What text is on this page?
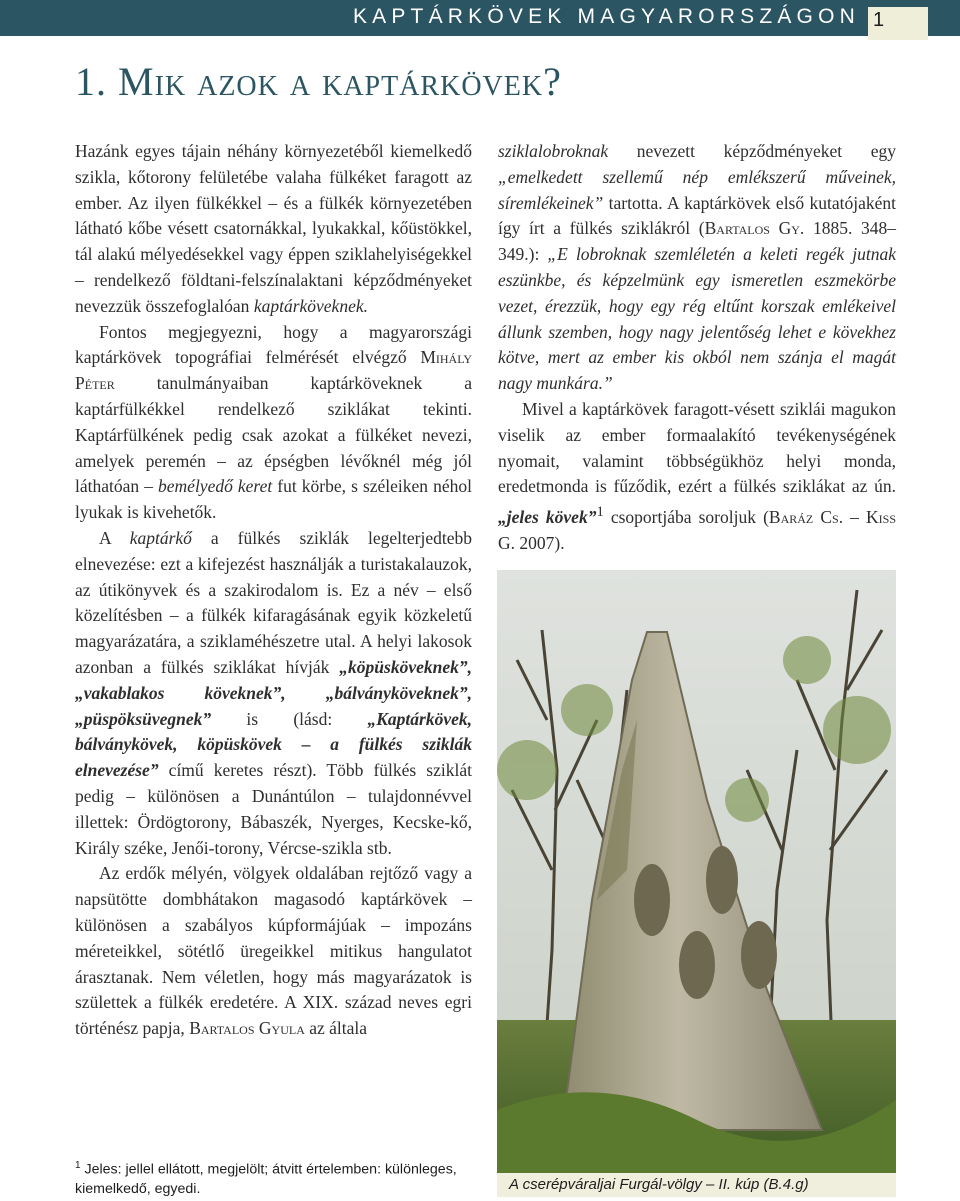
KAPTÁRKÖVEK MAGYARORSZÁGON 1
1. Mik azok a kaptárkövek?

Hazánk egyes tájain néhány környezetéből kiemelkedő szikla, kőtorony felületébe valaha fülkéket faragott az ember. Az ilyen fülkékkel – és a fülkék környezetében látható kőbe vésett csatornákkal, lyukakkal, kőüstökkel, tál alakú mélyedésekkel vagy éppen sziklahelyiségekkel – rendelkező földtani-felszínalaktani képződményeket nevezzük összefoglalóan kaptárköveknek.

Fontos megjegyezni, hogy a magyarországi kaptárkövek topográfiai felmérését elvégző Mihály Péter tanulmányaiban kaptárköveknek a kaptárfülkékkel rendelkező sziklákat tekinti. Kaptárfülkének pedig csak azokat a fülkéket nevezi, amelyek peremén – az épségben lévőknél még jól láthatóan – bemélyedő keret fut körbe, s széleiken néhol lyukak is kivehetők.

A kaptárkő a fülkés sziklák legelterjedtebb elnevezése: ezt a kifejezést használják a turistakalauzok, az útikönyvek és a szakirodalom is. Ez a név – első közelítésben – a fülkék kifaragásának egyik közkeletű magyarázatára, a sziklaméhészetre utal. A helyi lakosok azonban a fülkés sziklákat hívják „köpüsköveknek”, „vakablakos köveknek”, „bálványköveknek”, „püspöksüvegnek” is (lásd: „Kaptárkövek, bálványkövek, köpüskövek – a fülkés sziklák elnevezése” című keretes részt). Több fülkés sziklát pedig – különösen a Dunántúlon – tulajdonnévvel illettek: Ördögtorony, Bábaszék, Nyerges, Kecske-kő, Király széke, Jenői-torony, Vércse-szikla stb.

Az erdők mélyén, völgyek oldalában rejtőző vagy a napsütötte dombhátakon magasodó kaptárkövek – különösen a szabályos kúpformájúak – impozáns méreteikkel, sötétlő üregeikkel mitikus hangulatot árasztanak. Nem véletlen, hogy más magyarázatok is születtek a fülkék eredetére. A XIX. század neves egri történész papja, Bartalos Gyula az általa

sziklalobroknak nevezett képződményeket egy „emelkedett szellemű nép emlékszerű műveinek, síremlékeinek” tartotta. A kaptárkövek első kutatójaként így írt a fülkés sziklákról (Bartalos Gy. 1885. 348–349.): „E lobroknak szemléletén a keleti regék jutnak eszünkbe, és képzelmünk egy ismeretlen eszmekörbe vezet, érezzük, hogy egy rég eltűnt korszak emlékeivel állunk szemben, hogy nagy jelentőség lehet e kövekhez kötve, mert az ember kis okból nem szánja el magát nagy munkára.”

Mivel a kaptárkövek faragott-vésett sziklái magukon viselik az ember formaalakító tevékenységének nyomait, valamint többségükhöz helyi monda, eredetmonda is fűződik, ezért a fülkés sziklákat az ún. „jeles kövek”$^1$ csoportjába soroljuk (Baráz Cs. – Kiss G. 2007).

A cserépváraljai Furgál-völgy – II. kúp (B.4.g)
$^1$ Jeles: jellel ellátott, megjelölt; átvitt értelemben: különleges, kiemelkedő, egyedi.
